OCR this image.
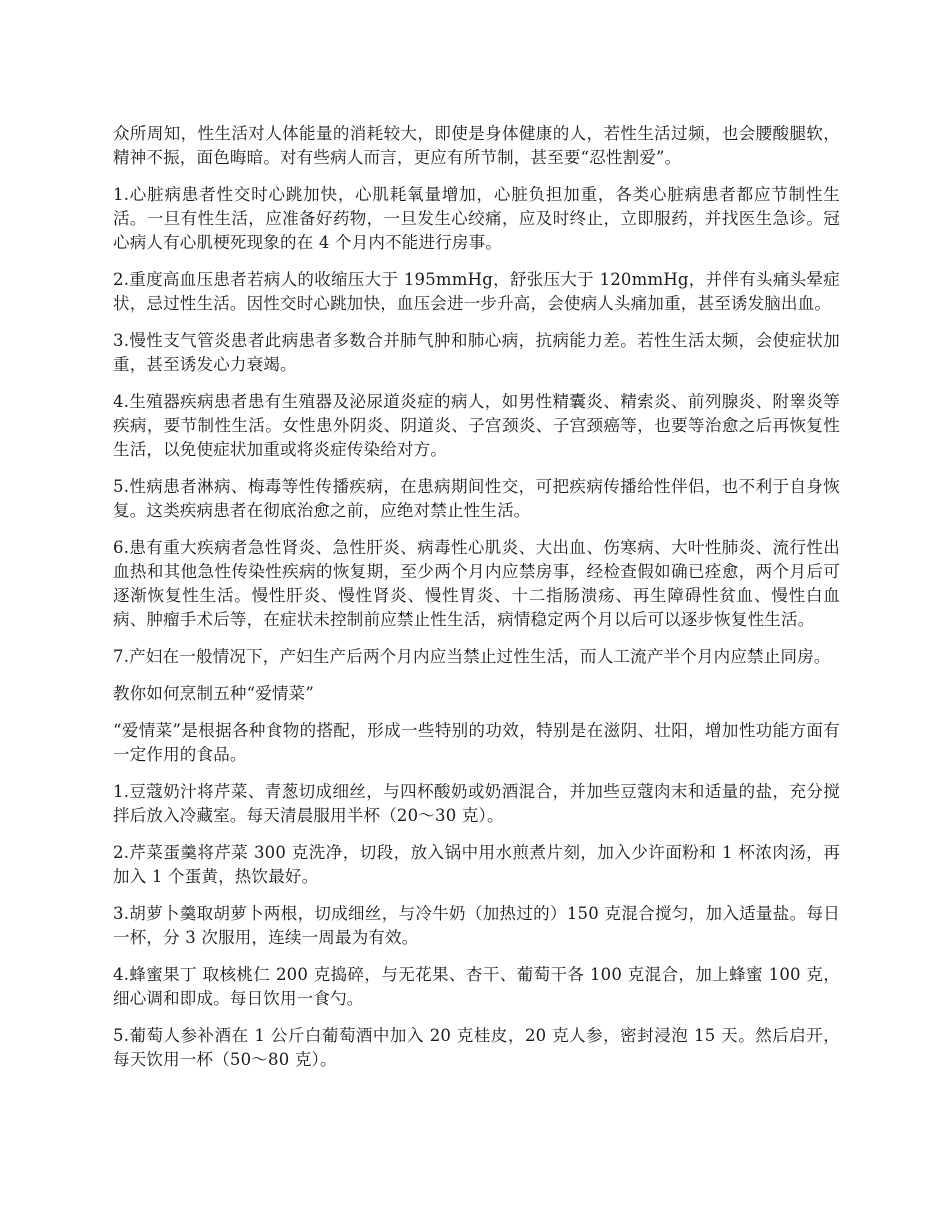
众所周知，性生活对人体能量的消耗较大，即使是身体健康的人，若性生活过频，也会腰酸腿软，精神不振，面色晦暗。对有些病人而言，更应有所节制，甚至要“忍性割爱”。

1.心脏病患者性交时心跳加快，心肌耗氧量增加，心脏负担加重，各类心脏病患者都应节制性生活。一旦有性生活，应准备好药物，一旦发生心绞痛，应及时终止，立即服药，并找医生急诊。冠心病人有心肌梗死现象的在 4 个月内不能进行房事。

2.重度高血压患者若病人的收缩压大于 195mmHg，舒张压大于 120mmHg，并伴有头痛头晕症状，忌过性生活。因性交时心跳加快，血压会进一步升高，会使病人头痛加重，甚至诱发脑出血。

3.慢性支气管炎患者此病患者多数合并肺气肿和肺心病，抗病能力差。若性生活太频，会使症状加重，甚至诱发心力衰竭。

4.生殖器疾病患者患有生殖器及泌尿道炎症的病人，如男性精囊炎、精索炎、前列腺炎、附睾炎等疾病，要节制性生活。女性患外阴炎、阴道炎、子宫颈炎、子宫颈癌等，也要等治愈之后再恢复性生活，以免使症状加重或将炎症传染给对方。

5.性病患者淋病、梅毒等性传播疾病，在患病期间性交，可把疾病传播给性伴侣，也不利于自身恢复。这类疾病患者在彻底治愈之前，应绝对禁止性生活。

6.患有重大疾病者急性肾炎、急性肝炎、病毒性心肌炎、大出血、伤寒病、大叶性肺炎、流行性出血热和其他急性传染性疾病的恢复期，至少两个月内应禁房事，经检查假如确已痊愈，两个月后可逐渐恢复性生活。慢性肝炎、慢性肾炎、慢性胃炎、十二指肠溃疡、再生障碍性贫血、慢性白血病、肿瘤手术后等，在症状未控制前应禁止性生活，病情稳定两个月以后可以逐步恢复性生活。

7.产妇在一般情况下，产妇生产后两个月内应当禁止过性生活，而人工流产半个月内应禁止同房。

教你如何烹制五种“爱情菜”

“爱情菜”是根据各种食物的搭配，形成一些特别的功效，特别是在滋阴、壮阳，增加性功能方面有一定作用的食品。

1.豆蔻奶汁将芹菜、青葱切成细丝，与四杯酸奶或奶酒混合，并加些豆蔻肉末和适量的盐，充分搅拌后放入冷藏室。每天清晨服用半杯（20～30 克）。

2.芹菜蛋羹将芹菜 300 克洗净，切段，放入锅中用水煎煮片刻，加入少许面粉和 1 杯浓肉汤，再加入 1 个蛋黄，热饮最好。

3.胡萝卜羹取胡萝卜两根，切成细丝，与冷牛奶（加热过的）150 克混合搅匀，加入适量盐。每日一杯，分 3 次服用，连续一周最为有效。

4.蜂蜜果丁 取核桃仁 200 克捣碎，与无花果、杏干、葡萄干各 100 克混合，加上蜂蜜 100 克，细心调和即成。每日饮用一食勺。

5.葡萄人参补酒在 1 公斤白葡萄酒中加入 20 克桂皮，20 克人参，密封浸泡 15 天。然后启开，每天饮用一杯（50～80 克）。
